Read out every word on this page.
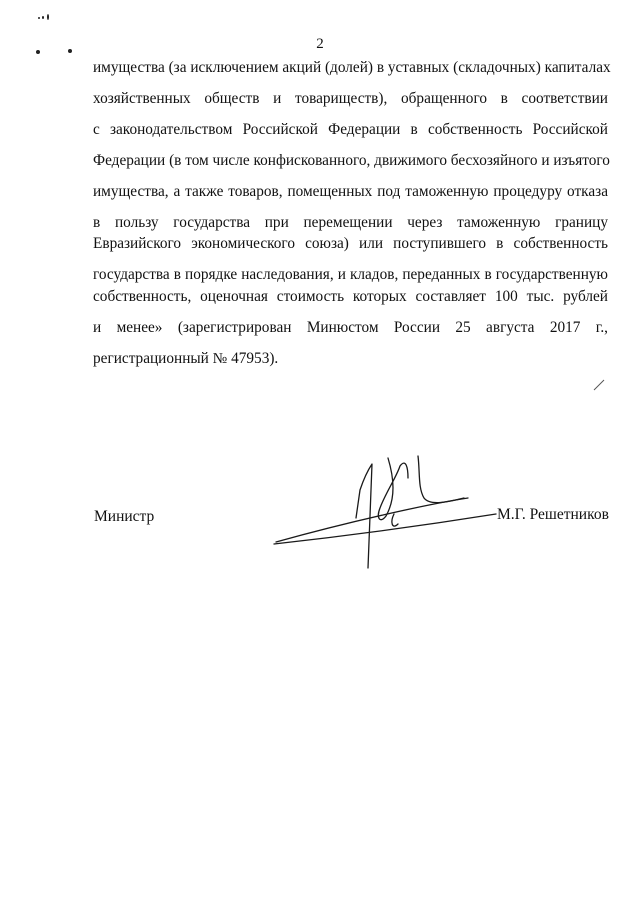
2
имущества (за исключением акций (долей) в уставных (складочных) капиталах
хозяйственных обществ и товариществ), обращенного в соответствии
с законодательством Российской Федерации в собственность Российской
Федерации (в том числе конфискованного, движимого бесхозяйного и изъятого
имущества, а также товаров, помещенных под таможенную процедуру отказа
в пользу государства при перемещении через таможенную границу
Евразийского экономического союза) или поступившего в собственность
государства в порядке наследования, и кладов, переданных в государственную
собственность, оценочная стоимость которых составляет 100 тыс. рублей
и менее» (зарегистрирован Минюстом России 25 августа 2017 г.,
регистрационный № 47953).
Министр	М.Г. Решетников
